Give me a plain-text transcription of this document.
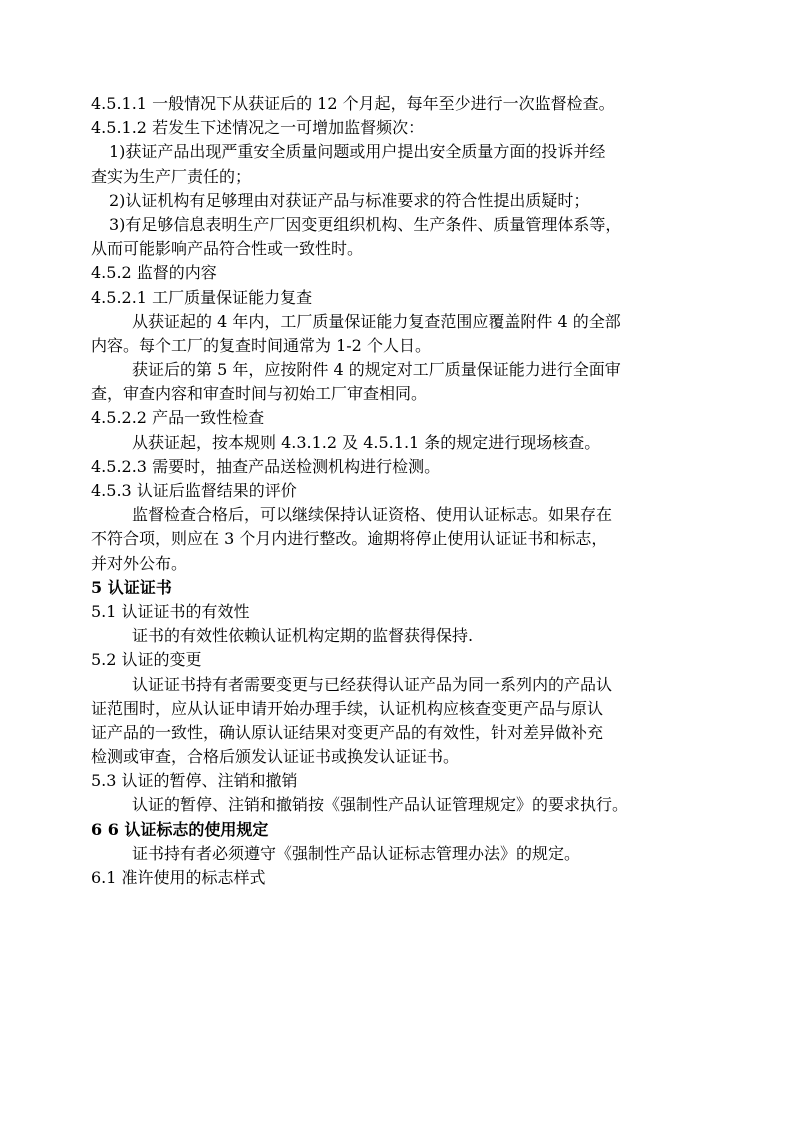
4.5.1.1 一般情况下从获证后的 12 个月起，每年至少进行一次监督检查。
4.5.1.2 若发生下述情况之一可增加监督频次：
1)获证产品出现严重安全质量问题或用户提出安全质量方面的投诉并经
查实为生产厂责任的；
2)认证机构有足够理由对获证产品与标准要求的符合性提出质疑时；
3)有足够信息表明生产厂因变更组织机构、生产条件、质量管理体系等，
从而可能影响产品符合性或一致性时。
4.5.2 监督的内容
4.5.2.1 工厂质量保证能力复查
从获证起的 4 年内，工厂质量保证能力复查范围应覆盖附件 4 的全部
内容。每个工厂的复查时间通常为 1-2 个人日。
获证后的第 5 年，应按附件 4 的规定对工厂质量保证能力进行全面审
查，审查内容和审查时间与初始工厂审查相同。
4.5.2.2 产品一致性检查
从获证起，按本规则 4.3.1.2 及 4.5.1.1 条的规定进行现场核查。
4.5.2.3 需要时，抽查产品送检测机构进行检测。
4.5.3 认证后监督结果的评价
监督检查合格后，可以继续保持认证资格、使用认证标志。如果存在
不符合项，则应在 3 个月内进行整改。逾期将停止使用认证证书和标志，
并对外公布。
5 认证证书
5.1 认证证书的有效性
证书的有效性依赖认证机构定期的监督获得保持.
5.2 认证的变更
认证证书持有者需要变更与已经获得认证产品为同一系列内的产品认
证范围时，应从认证申请开始办理手续，认证机构应核查变更产品与原认
证产品的一致性，确认原认证结果对变更产品的有效性，针对差异做补充
检测或审查，合格后颁发认证证书或换发认证证书。
5.3 认证的暂停、注销和撤销
认证的暂停、注销和撤销按《强制性产品认证管理规定》的要求执行。
6 6 认证标志的使用规定
证书持有者必须遵守《强制性产品认证标志管理办法》的规定。
6.1 准许使用的标志样式
